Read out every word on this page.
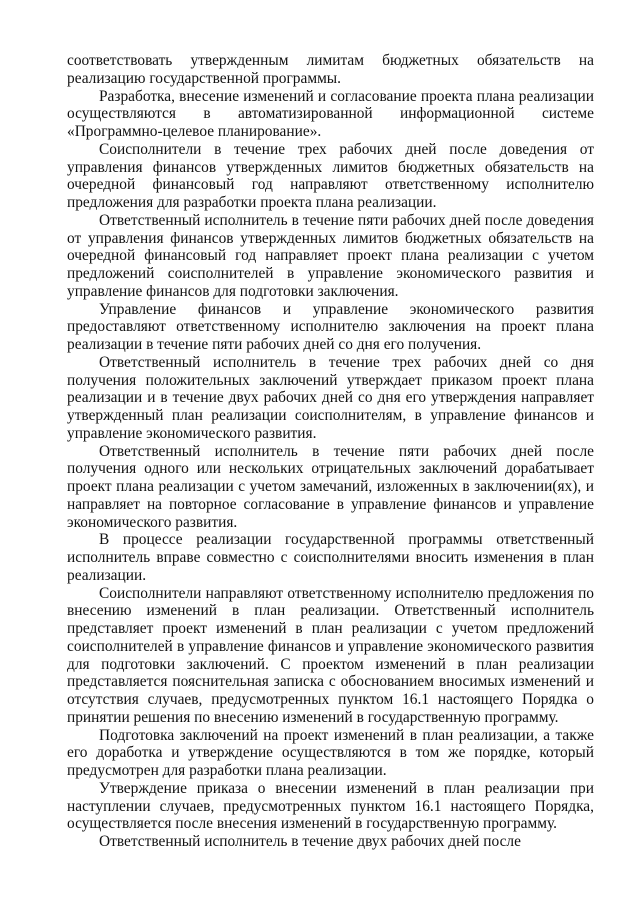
соответствовать утвержденным лимитам бюджетных обязательств на реализацию государственной программы.

Разработка, внесение изменений и согласование проекта плана реализации осуществляются в автоматизированной информационной системе «Программно-целевое планирование».

Соисполнители в течение трех рабочих дней после доведения от управления финансов утвержденных лимитов бюджетных обязательств на очередной финансовый год направляют ответственному исполнителю предложения для разработки проекта плана реализации.

Ответственный исполнитель в течение пяти рабочих дней после доведения от управления финансов утвержденных лимитов бюджетных обязательств на очередной финансовый год направляет проект плана реализации с учетом предложений соисполнителей в управление экономического развития и управление финансов для подготовки заключения.

Управление финансов и управление экономического развития предоставляют ответственному исполнителю заключения на проект плана реализации в течение пяти рабочих дней со дня его получения.

Ответственный исполнитель в течение трех рабочих дней со дня получения положительных заключений утверждает приказом проект плана реализации и в течение двух рабочих дней со дня его утверждения направляет утвержденный план реализации соисполнителям, в управление финансов и управление экономического развития.

Ответственный исполнитель в течение пяти рабочих дней после получения одного или нескольких отрицательных заключений дорабатывает проект плана реализации с учетом замечаний, изложенных в заключении(ях), и направляет на повторное согласование в управление финансов и управление экономического развития.

В процессе реализации государственной программы ответственный исполнитель вправе совместно с соисполнителями вносить изменения в план реализации.

Соисполнители направляют ответственному исполнителю предложения по внесению изменений в план реализации. Ответственный исполнитель представляет проект изменений в план реализации с учетом предложений соисполнителей в управление финансов и управление экономического развития для подготовки заключений. С проектом изменений в план реализации представляется пояснительная записка с обоснованием вносимых изменений и отсутствия случаев, предусмотренных пунктом 16.1 настоящего Порядка о принятии решения по внесению изменений в государственную программу.

Подготовка заключений на проект изменений в план реализации, а также его доработка и утверждение осуществляются в том же порядке, который предусмотрен для разработки плана реализации.

Утверждение приказа о внесении изменений в план реализации при наступлении случаев, предусмотренных пунктом 16.1 настоящего Порядка, осуществляется после внесения изменений в государственную программу.

Ответственный исполнитель в течение двух рабочих дней после
